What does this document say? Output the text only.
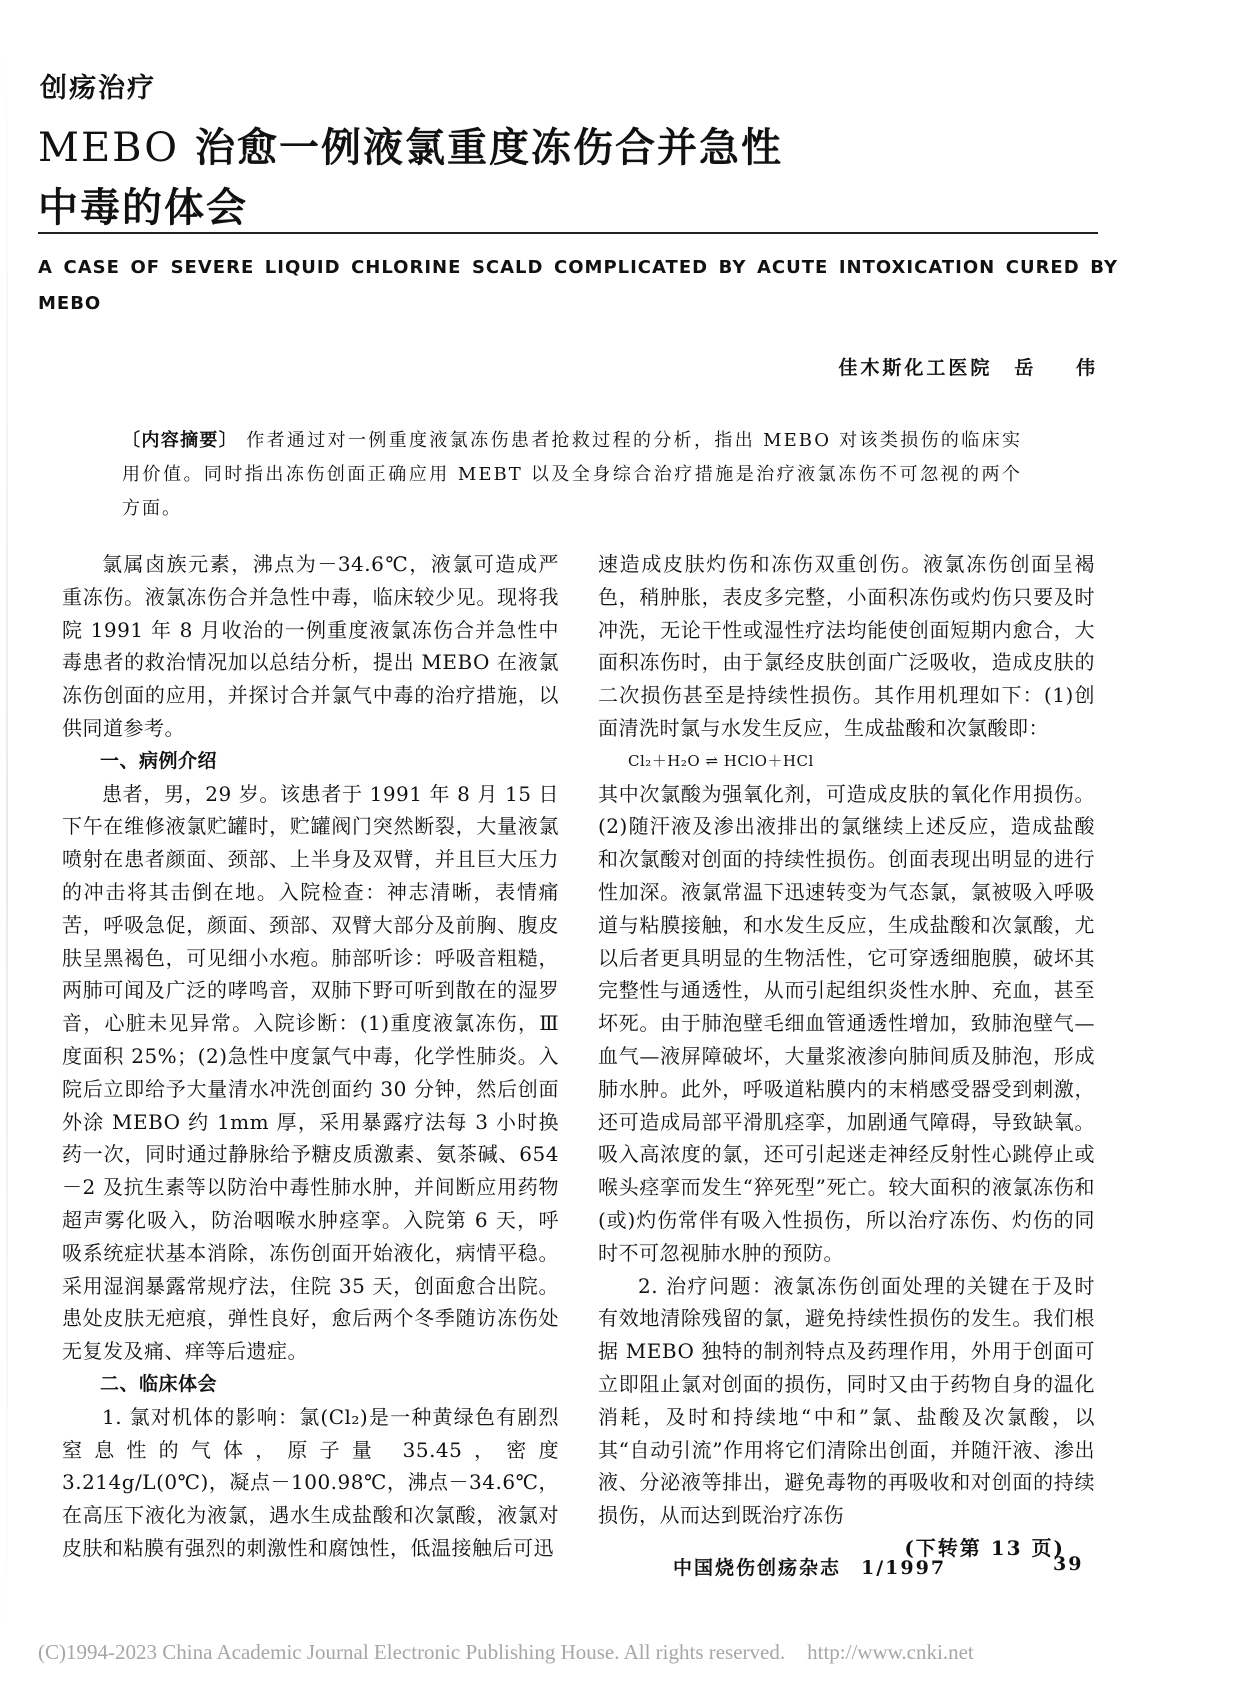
创疡治疗
MEBO 治愈一例液氯重度冻伤合并急性
中毒的体会
A CASE OF SEVERE LIQUID CHLORINE SCALD COMPLICATED BY ACUTE INTOXICATION CURED BY MEBO
佳木斯化工医院 岳 伟
〔内容摘要〕 作者通过对一例重度液氯冻伤患者抢救过程的分析，指出 MEBO 对该类损伤的临床实用价值。同时指出冻伤创面正确应用 MEBT 以及全身综合治疗措施是治疗液氯冻伤不可忽视的两个方面。

氯属卤族元素，沸点为－34.6℃，液氯可造成严重冻伤。液氯冻伤合并急性中毒，临床较少见。现将我院 1991 年 8 月收治的一例重度液氯冻伤合并急性中毒患者的救治情况加以总结分析，提出 MEBO 在液氯冻伤创面的应用，并探讨合并氯气中毒的治疗措施，以供同道参考。

一、病例介绍

患者，男，29 岁。该患者于 1991 年 8 月 15 日下午在维修液氯贮罐时，贮罐阀门突然断裂，大量液氯喷射在患者颜面、颈部、上半身及双臂，并且巨大压力的冲击将其击倒在地。入院检查：神志清晰，表情痛苦，呼吸急促，颜面、颈部、双臂大部分及前胸、腹皮肤呈黑褐色，可见细小水疱。肺部听诊：呼吸音粗糙，两肺可闻及广泛的哮鸣音，双肺下野可听到散在的湿罗音，心脏未见异常。入院诊断：(1)重度液氯冻伤，Ⅲ度面积 25%；(2)急性中度氯气中毒，化学性肺炎。入院后立即给予大量清水冲洗创面约 30 分钟，然后创面外涂 MEBO 约 1mm 厚，采用暴露疗法每 3 小时换药一次，同时通过静脉给予糖皮质激素、氨茶碱、654－2 及抗生素等以防治中毒性肺水肿，并间断应用药物超声雾化吸入，防治咽喉水肿痉挛。入院第 6 天，呼吸系统症状基本消除，冻伤创面开始液化，病情平稳。采用湿润暴露常规疗法，住院 35 天，创面愈合出院。患处皮肤无疤痕，弹性良好，愈后两个冬季随访冻伤处无复发及痛、痒等后遗症。

二、临床体会

1. 氯对机体的影响：氯(Cl₂)是一种黄绿色有剧烈窒息性的气体，原子量 35.45，密度 3.214g/L(0℃)，凝点－100.98℃，沸点－34.6℃，在高压下液化为液氯，遇水生成盐酸和次氯酸，液氯对皮肤和粘膜有强烈的刺激性和腐蚀性，低温接触后可迅

速造成皮肤灼伤和冻伤双重创伤。液氯冻伤创面呈褐色，稍肿胀，表皮多完整，小面积冻伤或灼伤只要及时冲洗，无论干性或湿性疗法均能使创面短期内愈合，大面积冻伤时，由于氯经皮肤创面广泛吸收，造成皮肤的二次损伤甚至是持续性损伤。其作用机理如下：(1)创面清洗时氯与水发生反应，生成盐酸和次氯酸即：

Cl₂＋H₂O ⇌ HClO＋HCl

其中次氯酸为强氧化剂，可造成皮肤的氧化作用损伤。(2)随汗液及渗出液排出的氯继续上述反应，造成盐酸和次氯酸对创面的持续性损伤。创面表现出明显的进行性加深。液氯常温下迅速转变为气态氯，氯被吸入呼吸道与粘膜接触，和水发生反应，生成盐酸和次氯酸，尤以后者更具明显的生物活性，它可穿透细胞膜，破坏其完整性与通透性，从而引起组织炎性水肿、充血，甚至坏死。由于肺泡壁毛细血管通透性增加，致肺泡壁气—血气—液屏障破坏，大量浆液渗向肺间质及肺泡，形成肺水肿。此外，呼吸道粘膜内的末梢感受器受到刺激，还可造成局部平滑肌痉挛，加剧通气障碍，导致缺氧。吸入高浓度的氯，还可引起迷走神经反射性心跳停止或喉头痉挛而发生“猝死型”死亡。较大面积的液氯冻伤和(或)灼伤常伴有吸入性损伤，所以治疗冻伤、灼伤的同时不可忽视肺水肿的预防。

2. 治疗问题：液氯冻伤创面处理的关键在于及时有效地清除残留的氯，避免持续性损伤的发生。我们根据 MEBO 独特的制剂特点及药理作用，外用于创面可立即阻止氯对创面的损伤，同时又由于药物自身的温化消耗，及时和持续地“中和”氯、盐酸及次氯酸，以其“自动引流”作用将它们清除出创面，并随汗液、渗出液、分泌液等排出，避免毒物的再吸收和对创面的持续损伤，从而达到既治疗冻伤

(下转第 13 页)

中国烧伤创疡杂志 1/1997	39
(C)1994-2023 China Academic Journal Electronic Publishing House. All rights reserved. http://www.cnki.net
